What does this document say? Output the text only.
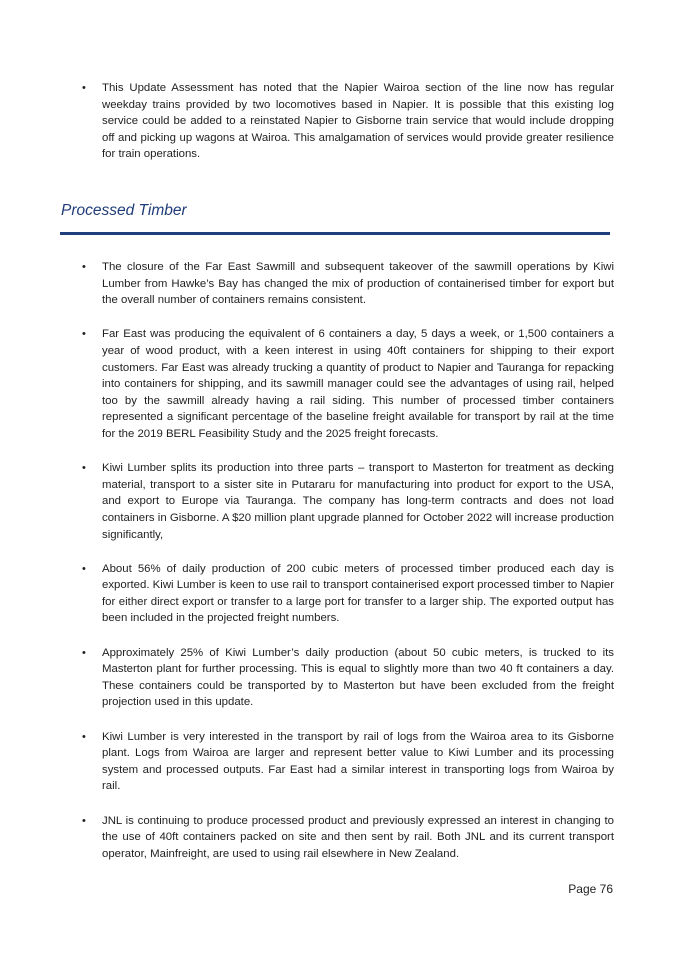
•	This Update Assessment has noted that the Napier Wairoa section of the line now has regular weekday trains provided by two locomotives based in Napier. It is possible that this existing log service could be added to a reinstated Napier to Gisborne train service that would include dropping off and picking up wagons at Wairoa. This amalgamation of services would provide greater resilience for train operations.
Processed Timber
•	The closure of the Far East Sawmill and subsequent takeover of the sawmill operations by Kiwi Lumber from Hawke’s Bay has changed the mix of production of containerised timber for export but the overall number of containers remains consistent.
•	Far East was producing the equivalent of 6 containers a day, 5 days a week, or 1,500 containers a year of wood product, with a keen interest in using 40ft containers for shipping to their export customers. Far East was already trucking a quantity of product to Napier and Tauranga for repacking into containers for shipping, and its sawmill manager could see the advantages of using rail, helped too by the sawmill already having a rail siding. This number of processed timber containers represented a significant percentage of the baseline freight available for transport by rail at the time for the 2019 BERL Feasibility Study and the 2025 freight forecasts.
•	Kiwi Lumber splits its production into three parts – transport to Masterton for treatment as decking material, transport to a sister site in Putararu for manufacturing into product for export to the USA, and export to Europe via Tauranga. The company has long-term contracts and does not load containers in Gisborne. A $20 million plant upgrade planned for October 2022 will increase production significantly,
•	About 56% of daily production of 200 cubic meters of processed timber produced each day is exported. Kiwi Lumber is keen to use rail to transport containerised export processed timber to Napier for either direct export or transfer to a large port for transfer to a larger ship. The exported output has been included in the projected freight numbers.
•	Approximately 25% of Kiwi Lumber’s daily production (about 50 cubic meters, is trucked to its Masterton plant for further processing. This is equal to slightly more than two 40 ft containers a day. These containers could be transported by to Masterton but have been excluded from the freight projection used in this update.
•	Kiwi Lumber is very interested in the transport by rail of logs from the Wairoa area to its Gisborne plant. Logs from Wairoa are larger and represent better value to Kiwi Lumber and its processing system and processed outputs. Far East had a similar interest in transporting logs from Wairoa by rail.
•	JNL is continuing to produce processed product and previously expressed an interest in changing to the use of 40ft containers packed on site and then sent by rail. Both JNL and its current transport operator, Mainfreight, are used to using rail elsewhere in New Zealand.
Page 76
